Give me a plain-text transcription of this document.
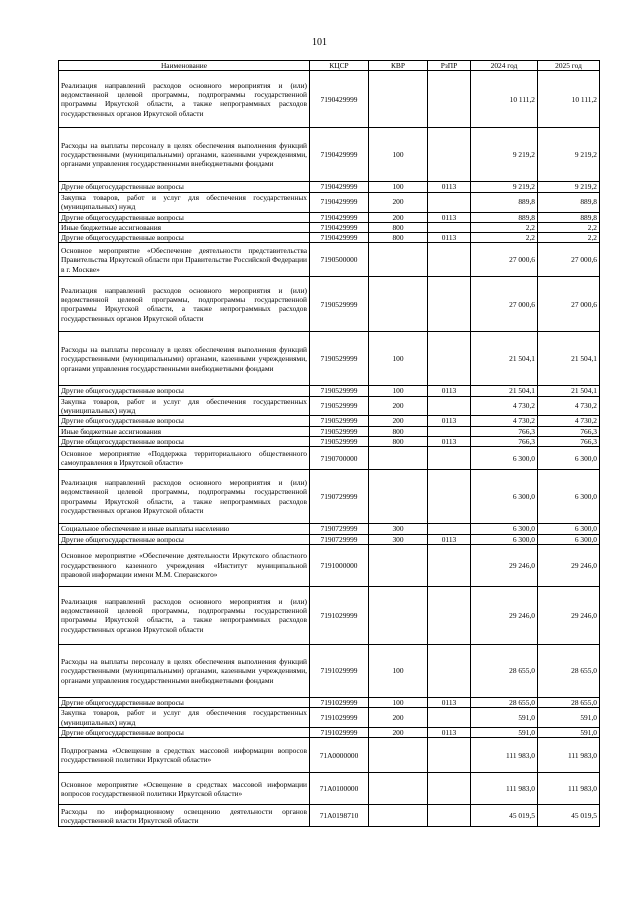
101
Наименование	КЦСР	КВР	РзПР	2024 год	2025 год
Реализация направлений расходов основного мероприятия и (или) ведомственной целевой программы, подпрограммы государственной программы Иркутской области, а также непрограммных расходов государственных органов Иркутской области	7190429999			10 111,2	10 111,2
Расходы на выплаты персоналу в целях обеспечения выполнения функций государственными (муниципальными) органами, казенными учреждениями, органами управления государственными внебюджетными фондами	7190429999	100		9 219,2	9 219,2
Другие общегосударственные вопросы	7190429999	100	0113	9 219,2	9 219,2
Закупка товаров, работ и услуг для обеспечения государственных (муниципальных) нужд	7190429999	200		889,8	889,8
Другие общегосударственные вопросы	7190429999	200	0113	889,8	889,8
Иные бюджетные ассигнования	7190429999	800		2,2	2,2
Другие общегосударственные вопросы	7190429999	800	0113	2,2	2,2
Основное мероприятие «Обеспечение деятельности представительства Правительства Иркутской области при Правительстве Российской Федерации в г. Москве»	7190500000			27 000,6	27 000,6
Реализация направлений расходов основного мероприятия и (или) ведомственной целевой программы, подпрограммы государственной программы Иркутской области, а также непрограммных расходов государственных органов Иркутской области	7190529999			27 000,6	27 000,6
Расходы на выплаты персоналу в целях обеспечения выполнения функций государственными (муниципальными) органами, казенными учреждениями, органами управления государственными внебюджетными фондами	7190529999	100		21 504,1	21 504,1
Другие общегосударственные вопросы	7190529999	100	0113	21 504,1	21 504,1
Закупка товаров, работ и услуг для обеспечения государственных (муниципальных) нужд	7190529999	200		4 730,2	4 730,2
Другие общегосударственные вопросы	7190529999	200	0113	4 730,2	4 730,2
Иные бюджетные ассигнования	7190529999	800		766,3	766,3
Другие общегосударственные вопросы	7190529999	800	0113	766,3	766,3
Основное мероприятие «Поддержка территориального общественного самоуправления в Иркутской области»	7190700000			6 300,0	6 300,0
Реализация направлений расходов основного мероприятия и (или) ведомственной целевой программы, подпрограммы государственной программы Иркутской области, а также непрограммных расходов государственных органов Иркутской области	7190729999			6 300,0	6 300,0
Социальное обеспечение и иные выплаты населению	7190729999	300		6 300,0	6 300,0
Другие общегосударственные вопросы	7190729999	300	0113	6 300,0	6 300,0
Основное мероприятие «Обеспечение деятельности Иркутского областного государственного казенного учреждения «Институт муниципальной правовой информации имени М.М. Сперанского»	7191000000			29 246,0	29 246,0
Реализация направлений расходов основного мероприятия и (или) ведомственной целевой программы, подпрограммы государственной программы Иркутской области, а также непрограммных расходов государственных органов Иркутской области	7191029999			29 246,0	29 246,0
Расходы на выплаты персоналу в целях обеспечения выполнения функций государственными (муниципальными) органами, казенными учреждениями, органами управления государственными внебюджетными фондами	7191029999	100		28 655,0	28 655,0
Другие общегосударственные вопросы	7191029999	100	0113	28 655,0	28 655,0
Закупка товаров, работ и услуг для обеспечения государственных (муниципальных) нужд	7191029999	200		591,0	591,0
Другие общегосударственные вопросы	7191029999	200	0113	591,0	591,0
Подпрограмма «Освещение в средствах массовой информации вопросов государственной политики Иркутской области»	71А0000000			111 983,0	111 983,0
Основное мероприятие «Освещение в средствах массовой информации вопросов государственной политики Иркутской области»	71А0100000			111 983,0	111 983,0
Расходы по информационному освещению деятельности органов государственной власти Иркутской области	71А0198710			45 019,5	45 019,5
